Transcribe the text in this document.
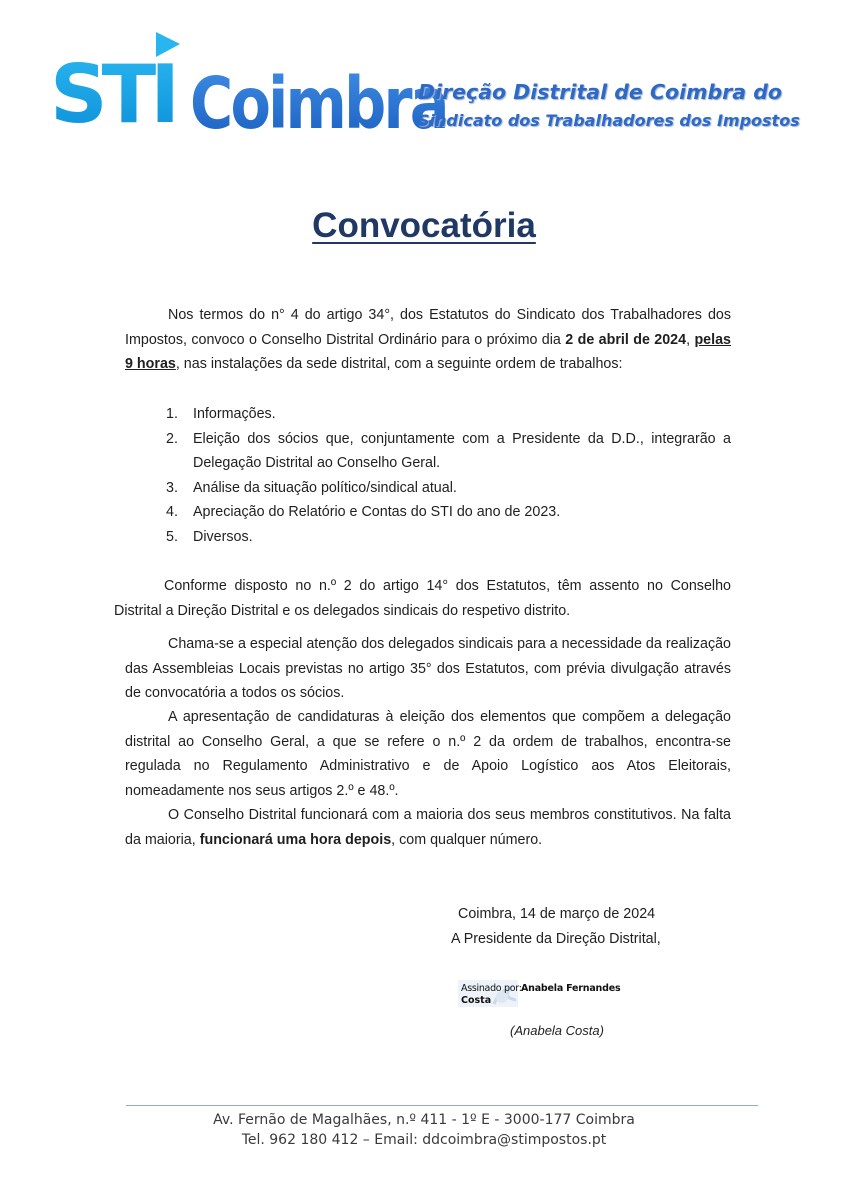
STI Coimbra
Direção Distrital de Coimbra do
Sindicato dos Trabalhadores dos Impostos
Convocatória

Nos termos do n° 4 do artigo 34°, dos Estatutos do Sindicato dos Trabalhadores dos Impostos, convoco o Conselho Distrital Ordinário para o próximo dia 2 de abril de 2024, pelas 9 horas, nas instalações da sede distrital, com a seguinte ordem de trabalhos:

1. Informações.
2. Eleição dos sócios que, conjuntamente com a Presidente da D.D., integrarão a Delegação Distrital ao Conselho Geral.
3. Análise da situação político/sindical atual.
4. Apreciação do Relatório e Contas do STI do ano de 2023.
5. Diversos.

Conforme disposto no n.º 2 do artigo 14° dos Estatutos, têm assento no Conselho Distrital a Direção Distrital e os delegados sindicais do respetivo distrito.

Chama-se a especial atenção dos delegados sindicais para a necessidade da realização das Assembleias Locais previstas no artigo 35° dos Estatutos, com prévia divulgação através de convocatória a todos os sócios.

A apresentação de candidaturas à eleição dos elementos que compõem a delegação distrital ao Conselho Geral, a que se refere o n.º 2 da ordem de trabalhos, encontra-se regulada no Regulamento Administrativo e de Apoio Logístico aos Atos Eleitorais, nomeadamente nos seus artigos 2.º e 48.º.

O Conselho Distrital funcionará com a maioria dos seus membros constitutivos. Na falta da maioria, funcionará uma hora depois, com qualquer número.

Coimbra, 14 de março de 2024
A Presidente da Direção Distrital,
Assinado por: Anabela Fernandes
Costa
(Anabela Costa)
Av. Fernão de Magalhães, n.º 411 - 1º E - 3000-177 Coimbra
Tel. 962 180 412 – Email: ddcoimbra@stimpostos.pt
